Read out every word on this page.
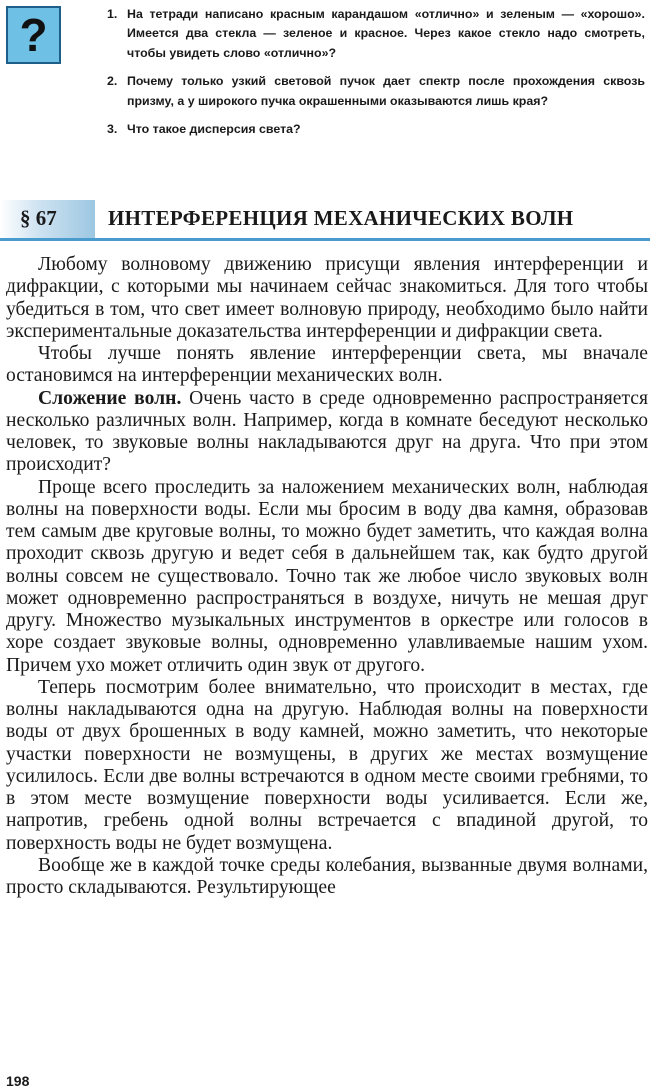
?	1. На тетради написано красным карандашом «отлично» и зеленым — «хорошо». Имеется два стекла — зеленое и красное. Через какое стекло надо смотреть, чтобы увидеть слово «отлично»?
2. Почему только узкий световой пучок дает спектр после прохождения сквозь призму, а у широкого пучка окрашенными оказываются лишь края?
3. Что такое дисперсия света?
§ 67 ИНТЕРФЕРЕНЦИЯ МЕХАНИЧЕСКИХ ВОЛН

Любому волновому движению присущи явления интерференции и дифракции, с которыми мы начинаем сейчас знакомиться. Для того чтобы убедиться в том, что свет имеет волновую природу, необходимо было найти экспериментальные доказательства интерференции и дифракции света.

Чтобы лучше понять явление интерференции света, мы вначале остановимся на интерференции механических волн.

Сложение волн. Очень часто в среде одновременно распространяется несколько различных волн. Например, когда в комнате беседуют несколько человек, то звуковые волны накладываются друг на друга. Что при этом происходит?

Проще всего проследить за наложением механических волн, наблюдая волны на поверхности воды. Если мы бросим в воду два камня, образовав тем самым две круговые волны, то можно будет заметить, что каждая волна проходит сквозь другую и ведет себя в дальнейшем так, как будто другой волны совсем не существовало. Точно так же любое число звуковых волн может одновременно распространяться в воздухе, ничуть не мешая друг другу. Множество музыкальных инструментов в оркестре или голосов в хоре создает звуковые волны, одновременно улавливаемые нашим ухом. Причем ухо может отличить один звук от другого.

Теперь посмотрим более внимательно, что происходит в местах, где волны накладываются одна на другую. Наблюдая волны на поверхности воды от двух брошенных в воду камней, можно заметить, что некоторые участки поверхности не возмущены, в других же местах возмущение усилилось. Если две волны встречаются в одном месте своими гребнями, то в этом месте возмущение поверхности воды усиливается. Если же, напротив, гребень одной волны встречается с впадиной другой, то поверхность воды не будет возмущена.

Вообще же в каждой точке среды колебания, вызванные двумя волнами, просто складываются. Результирующее

198
